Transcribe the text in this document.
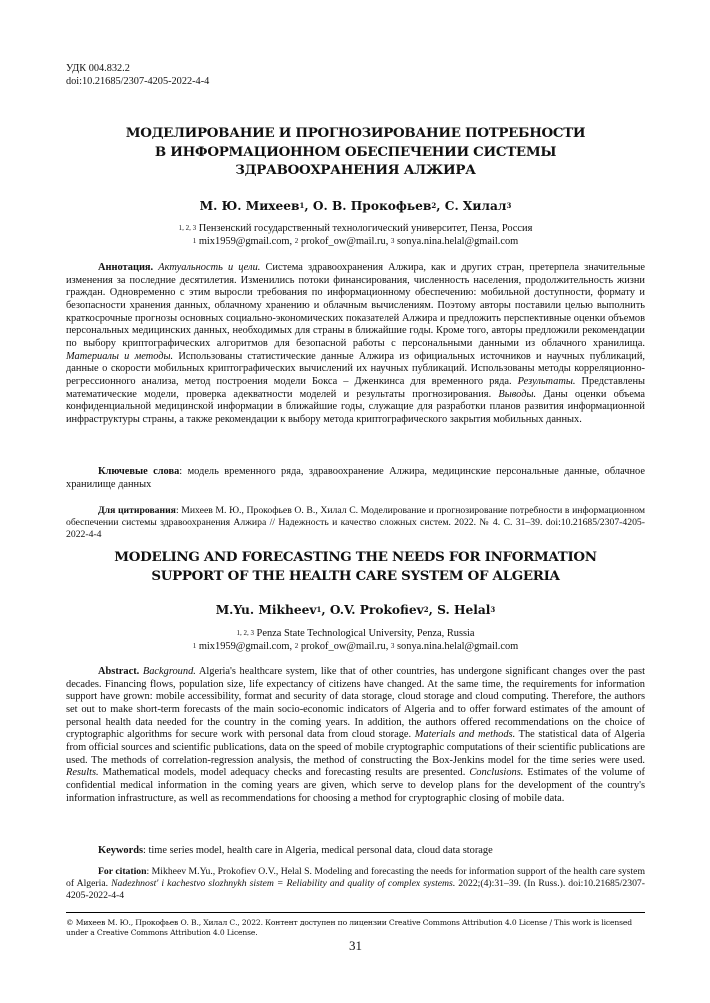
УДК 004.832.2
doi:10.21685/2307-4205-2022-4-4
МОДЕЛИРОВАНИЕ И ПРОГНОЗИРОВАНИЕ ПОТРЕБНОСТИ
В ИНФОРМАЦИОННОМ ОБЕСПЕЧЕНИИ СИСТЕМЫ
ЗДРАВООХРАНЕНИЯ АЛЖИРА
М. Ю. Михеев$^1$, О. В. Прокофьев$^2$, С. Хилал$^3$
$^{1, 2, 3}$ Пензенский государственный технологический университет, Пенза, Россия
$^1$ mix1959@gmail.com, $^2$ prokof_ow@mail.ru, $^3$ sonya.nina.helal@gmail.com
Аннотация. Актуальность и цели. Система здравоохранения Алжира, как и других стран, претерпела значительные изменения за последние десятилетия. Изменились потоки финансирования, численность населения, продолжительность жизни граждан. Одновременно с этим выросли требования по информационному обеспечению: мобильной доступности, формату и безопасности хранения данных, облачному хранению и облачным вычислениям. Поэтому авторы поставили целью выполнить краткосрочные прогнозы основных социально-экономических показателей Алжира и предложить перспективные оценки объемов персональных медицинских данных, необходимых для страны в ближайшие годы. Кроме того, авторы предложили рекомендации по выбору криптографических алгоритмов для безопасной работы с персональными данными из облачного хранилища. Материалы и методы. Использованы статистические данные Алжира из официальных источников и научных публикаций, данные о скорости мобильных криптографических вычислений их научных публикаций. Использованы методы корреляционно-регрессионного анализа, метод построения модели Бокса – Дженкинса для временного ряда. Результаты. Представлены математические модели, проверка адекватности моделей и результаты прогнозирования. Выводы. Даны оценки объема конфиденциальной медицинской информации в ближайшие годы, служащие для разработки планов развития информационной инфраструктуры страны, а также рекомендации к выбору метода криптографического закрытия мобильных данных.
Ключевые слова: модель временного ряда, здравоохранение Алжира, медицинские персональные данные, облачное хранилище данных
Для цитирования: Михеев М. Ю., Прокофьев О. В., Хилал С. Моделирование и прогнозирование потребности в информационном обеспечении системы здравоохранения Алжира // Надежность и качество сложных систем. 2022. № 4. С. 31–39. doi:10.21685/2307-4205-2022-4-4
MODELING AND FORECASTING THE NEEDS FOR INFORMATION
SUPPORT OF THE HEALTH CARE SYSTEM OF ALGERIA
M.Yu. Mikheev$^1$, O.V. Prokofiev$^2$, S. Helal$^3$
$^{1, 2, 3}$ Penza State Technological University, Penza, Russia
$^1$ mix1959@gmail.com, $^2$ prokof_ow@mail.ru, $^3$ sonya.nina.helal@gmail.com
Abstract. Background. Algeria's healthcare system, like that of other countries, has undergone significant changes over the past decades. Financing flows, population size, life expectancy of citizens have changed. At the same time, the requirements for information support have grown: mobile accessibility, format and security of data storage, cloud storage and cloud computing. Therefore, the authors set out to make short-term forecasts of the main socio-economic indicators of Algeria and to offer forward estimates of the amount of personal health data needed for the country in the coming years. In addition, the authors offered recommendations on the choice of cryptographic algorithms for secure work with personal data from cloud storage. Materials and methods. The statistical data of Algeria from official sources and scientific publications, data on the speed of mobile cryptographic computations of their scientific publications are used. The methods of correlation-regression analysis, the method of constructing the Box-Jenkins model for the time series were used. Results. Mathematical models, model adequacy checks and forecasting results are presented. Conclusions. Estimates of the volume of confidential medical information in the coming years are given, which serve to develop plans for the development of the country's information infrastructure, as well as recommendations for choosing a method for cryptographic closing of mobile data.
Keywords: time series model, health care in Algeria, medical personal data, cloud data storage
For citation: Mikheev M.Yu., Prokofiev O.V., Helal S. Modeling and forecasting the needs for information support of the health care system of Algeria. Nadezhnost' i kachestvo slozhnykh sistem = Reliability and quality of complex systems. 2022;(4):31–39. (In Russ.). doi:10.21685/2307-4205-2022-4-4
© Михеев М. Ю., Прокофьев О. В., Хилал С., 2022. Контент доступен по лицензии Creative Commons Attribution 4.0 License / This work is licensed under a Creative Commons Attribution 4.0 License.
31
